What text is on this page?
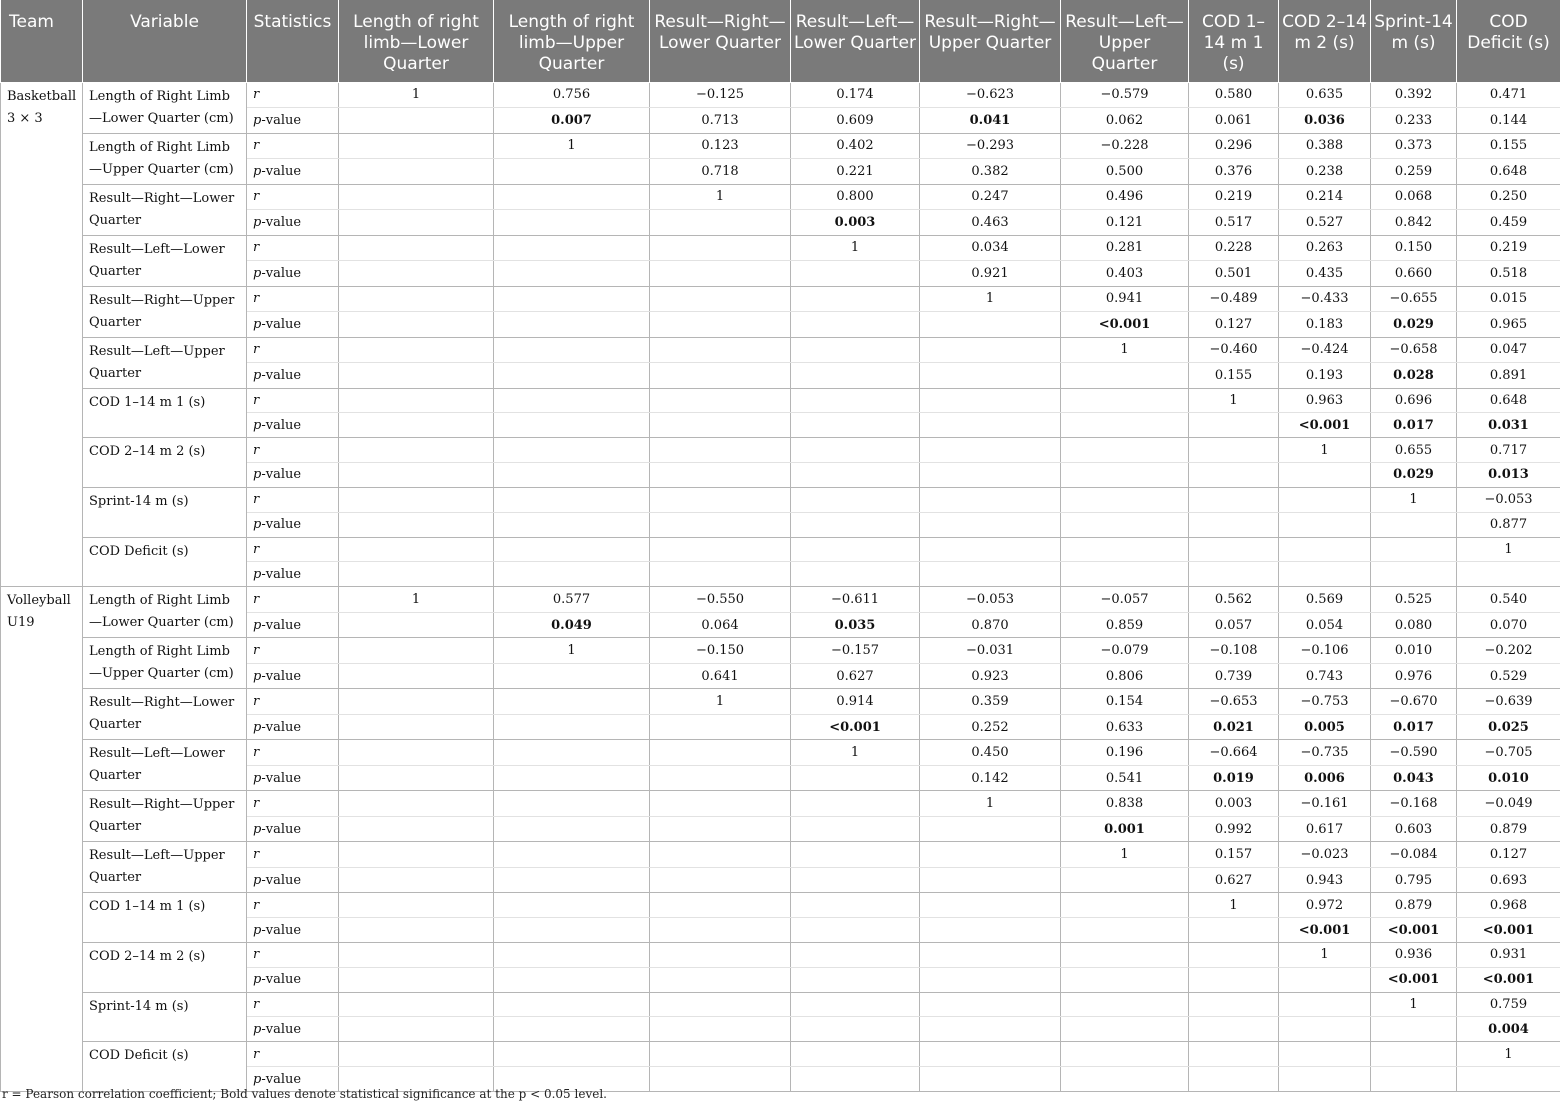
Team	Variable	Statistics	Length of right limb—Lower Quarter	Length of right limb—Upper Quarter	Result—Right—Lower Quarter	Result—Left—Lower Quarter	Result—Right—Upper Quarter	Result—Left—Upper Quarter	COD 1–14 m 1 (s)	COD 2–14 m 2 (s)	Sprint-14 m (s)	COD Deficit (s)
Basketball 3 × 3	Length of Right Limb—Lower Quarter (cm)	r	1	0.756	−0.125	0.174	−0.623	−0.579	0.580	0.635	0.392	0.471
		p-value		0.007	0.713	0.609	0.041	0.062	0.061	0.036	0.233	0.144
	Length of Right Limb—Upper Quarter (cm)	r		1	0.123	0.402	−0.293	−0.228	0.296	0.388	0.373	0.155
		p-value			0.718	0.221	0.382	0.500	0.376	0.238	0.259	0.648
	Result—Right—Lower Quarter	r			1	0.800	0.247	0.496	0.219	0.214	0.068	0.250
		p-value				0.003	0.463	0.121	0.517	0.527	0.842	0.459
	Result—Left—Lower Quarter	r				1	0.034	0.281	0.228	0.263	0.150	0.219
		p-value					0.921	0.403	0.501	0.435	0.660	0.518
	Result—Right—Upper Quarter	r					1	0.941	−0.489	−0.433	−0.655	0.015
		p-value						<0.001	0.127	0.183	0.029	0.965
	Result—Left—Upper Quarter	r						1	−0.460	−0.424	−0.658	0.047
		p-value							0.155	0.193	0.028	0.891
	COD 1–14 m 1 (s)	r							1	0.963	0.696	0.648
		p-value								<0.001	0.017	0.031
	COD 2–14 m 2 (s)	r								1	0.655	0.717
		p-value									0.029	0.013
	Sprint-14 m (s)	r									1	−0.053
		p-value										0.877
	COD Deficit (s)	r										1
		p-value										
Volleyball U19	Length of Right Limb—Lower Quarter (cm)	r	1	0.577	−0.550	−0.611	−0.053	−0.057	0.562	0.569	0.525	0.540
		p-value		0.049	0.064	0.035	0.870	0.859	0.057	0.054	0.080	0.070
	Length of Right Limb—Upper Quarter (cm)	r		1	−0.150	−0.157	−0.031	−0.079	−0.108	−0.106	0.010	−0.202
		p-value			0.641	0.627	0.923	0.806	0.739	0.743	0.976	0.529
	Result—Right—Lower Quarter	r			1	0.914	0.359	0.154	−0.653	−0.753	−0.670	−0.639
		p-value				<0.001	0.252	0.633	0.021	0.005	0.017	0.025
	Result—Left—Lower Quarter	r				1	0.450	0.196	−0.664	−0.735	−0.590	−0.705
		p-value					0.142	0.541	0.019	0.006	0.043	0.010
	Result—Right—Upper Quarter	r					1	0.838	0.003	−0.161	−0.168	−0.049
		p-value						0.001	0.992	0.617	0.603	0.879
	Result—Left—Upper Quarter	r						1	0.157	−0.023	−0.084	0.127
		p-value							0.627	0.943	0.795	0.693
	COD 1–14 m 1 (s)	r							1	0.972	0.879	0.968
		p-value								<0.001	<0.001	<0.001
	COD 2–14 m 2 (s)	r								1	0.936	0.931
		p-value									<0.001	<0.001
	Sprint-14 m (s)	r									1	0.759
		p-value										0.004
	COD Deficit (s)	r										1
		p-value										
r = Pearson correlation coefficient; Bold values denote statistical significance at the p < 0.05 level.
